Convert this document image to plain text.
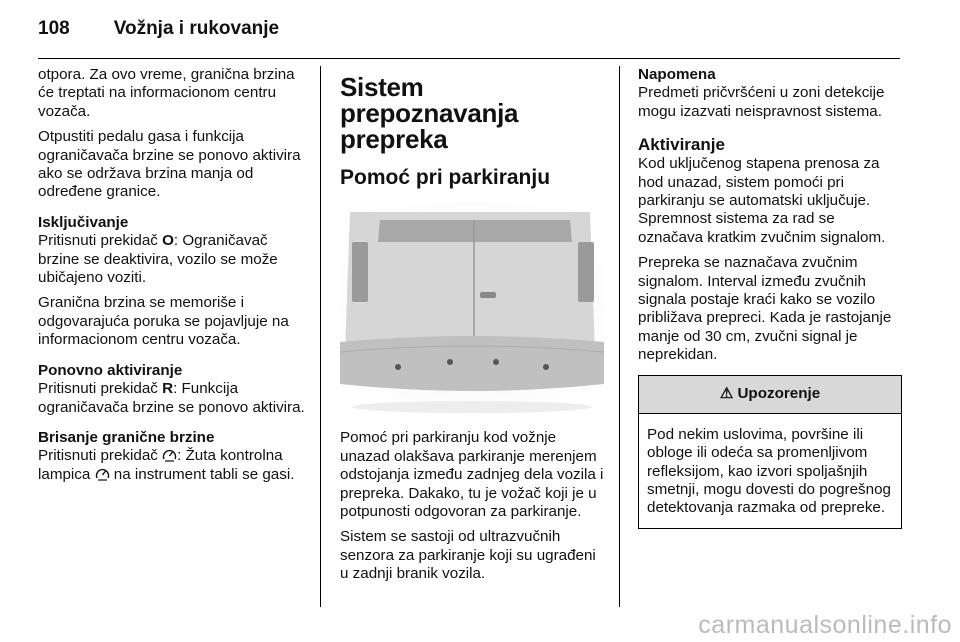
108 Vožnja i rukovanje

otpora. Za ovo vreme, granična brzina će treptati na informacionom centru vozača.

Otpustiti pedalu gasa i funkcija ograničavača brzine se ponovo aktivira ako se održava brzina manja od određene granice.

Isključivanje

Pritisnuti prekidač O: Ograničavač brzine se deaktivira, vozilo se može ubičajeno voziti.

Granična brzina se memoriše i odgovarajuća poruka se pojavljuje na informacionom centru vozača.

Ponovno aktiviranje

Pritisnuti prekidač R: Funkcija ograničavača brzine se ponovo aktivira.

Brisanje granične brzine

Pritisnuti prekidač : Žuta kontrolna lampica  na instrument tabli se gasi.

Sistem prepoznavanja prepreka
Pomoć pri parkiranju

Pomoć pri parkiranju kod vožnje unazad olakšava parkiranje merenjem odstojanja između zadnjeg dela vozila i prepreka. Dakako, tu je vožač koji je u potpunosti odgovoran za parkiranje.

Sistem se sastoji od ultrazvučnih senzora za parkiranje koji su ugrađeni u zadnji branik vozila.

Napomena

Predmeti pričvršćeni u zoni detekcije mogu izazvati neispravnost sistema.

Aktiviranje

Kod uključenog stapena prenosa za hod unazad, sistem pomoći pri parkiranju se automatski uključuje. Spremnost sistema za rad se označava kratkim zvučnim signalom.

Prepreka se naznačava zvučnim signalom. Interval između zvučnih signala postaje kraći kako se vozilo približava prepreci. Kada je rastojanje manje od 30 cm, zvučni signal je neprekidan.

⚠ Upozorenje
Pod nekim uslovima, površine ili obloge ili odeća sa promenljivom refleksijom, kao izvori spoljašnjih smetnji, mogu dovesti do pogrešnog detektovanja razmaka od prepreke.
carmanualsonline.info
